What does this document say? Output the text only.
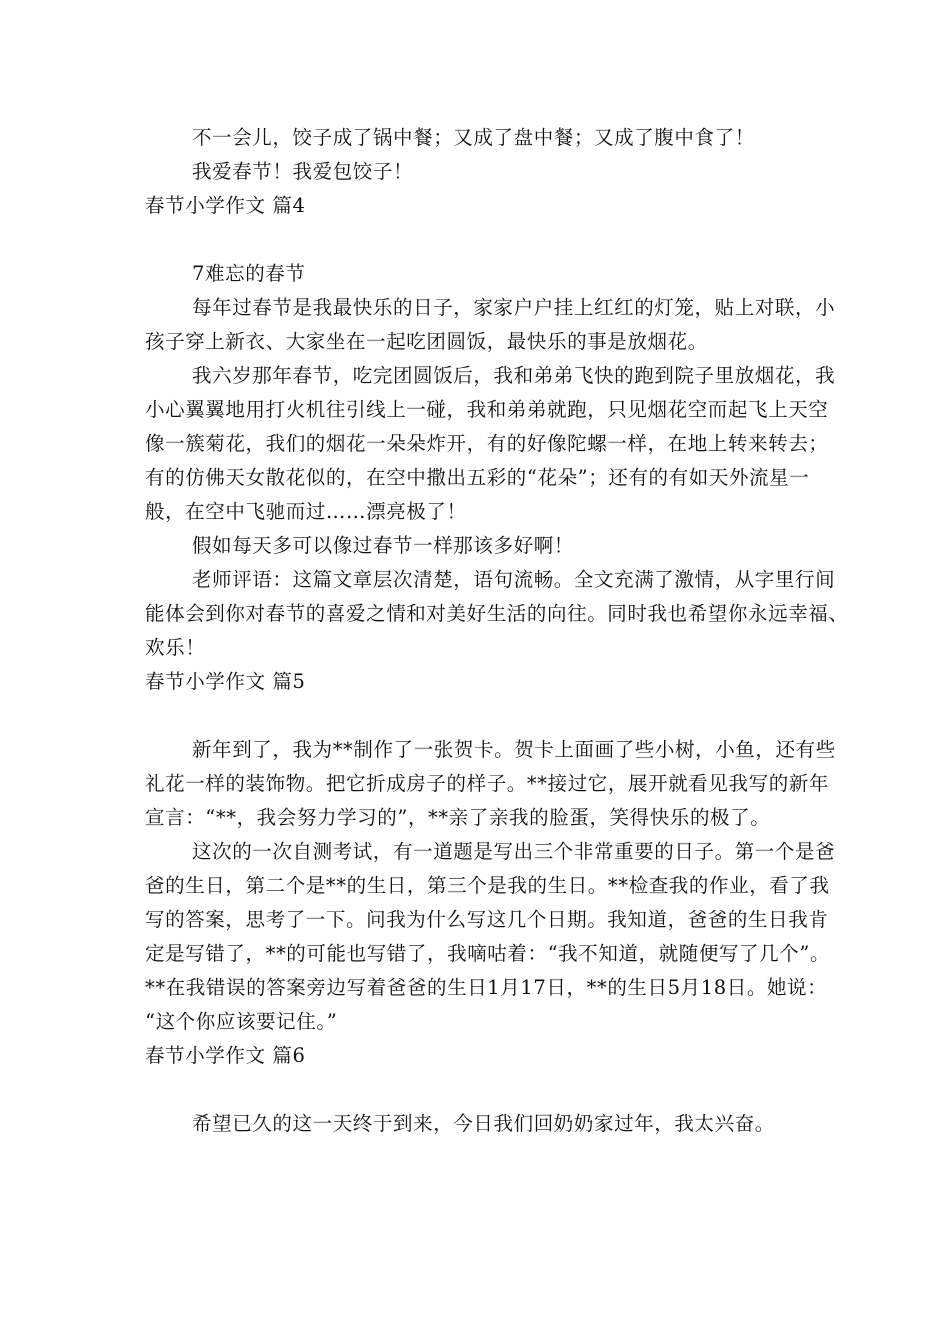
不一会儿，饺子成了锅中餐；又成了盘中餐；又成了腹中食了！
我爱春节！我爱包饺子！
春节小学作文 篇4
7难忘的春节
每年过春节是我最快乐的日子，家家户户挂上红红的灯笼，贴上对联，小
孩子穿上新衣、大家坐在一起吃团圆饭，最快乐的事是放烟花。
我六岁那年春节，吃完团圆饭后，我和弟弟飞快的跑到院子里放烟花，我
小心翼翼地用打火机往引线上一碰，我和弟弟就跑，只见烟花空而起飞上天空
像一簇菊花，我们的烟花一朵朵炸开，有的好像陀螺一样，在地上转来转去；
有的仿佛天女散花似的，在空中撒出五彩的“花朵”；还有的有如天外流星一
般，在空中飞驰而过……漂亮极了！
假如每天多可以像过春节一样那该多好啊！
老师评语：这篇文章层次清楚，语句流畅。全文充满了激情，从字里行间
能体会到你对春节的喜爱之情和对美好生活的向往。同时我也希望你永远幸福、
欢乐！
春节小学作文 篇5
新年到了，我为**制作了一张贺卡。贺卡上面画了些小树，小鱼，还有些
礼花一样的装饰物。把它折成房子的样子。**接过它，展开就看见我写的新年
宣言：“**，我会努力学习的”，**亲了亲我的脸蛋，笑得快乐的极了。
这次的一次自测考试，有一道题是写出三个非常重要的日子。第一个是爸
爸的生日，第二个是**的生日，第三个是我的生日。**检查我的作业，看了我
写的答案，思考了一下。问我为什么写这几个日期。我知道，爸爸的生日我肯
定是写错了，**的可能也写错了，我嘀咕着：“我不知道，就随便写了几个”。
**在我错误的答案旁边写着爸爸的生日1月17日，**的生日5月18日。她说：
“这个你应该要记住。”
春节小学作文 篇6
希望已久的这一天终于到来，今日我们回奶奶家过年，我太兴奋。
